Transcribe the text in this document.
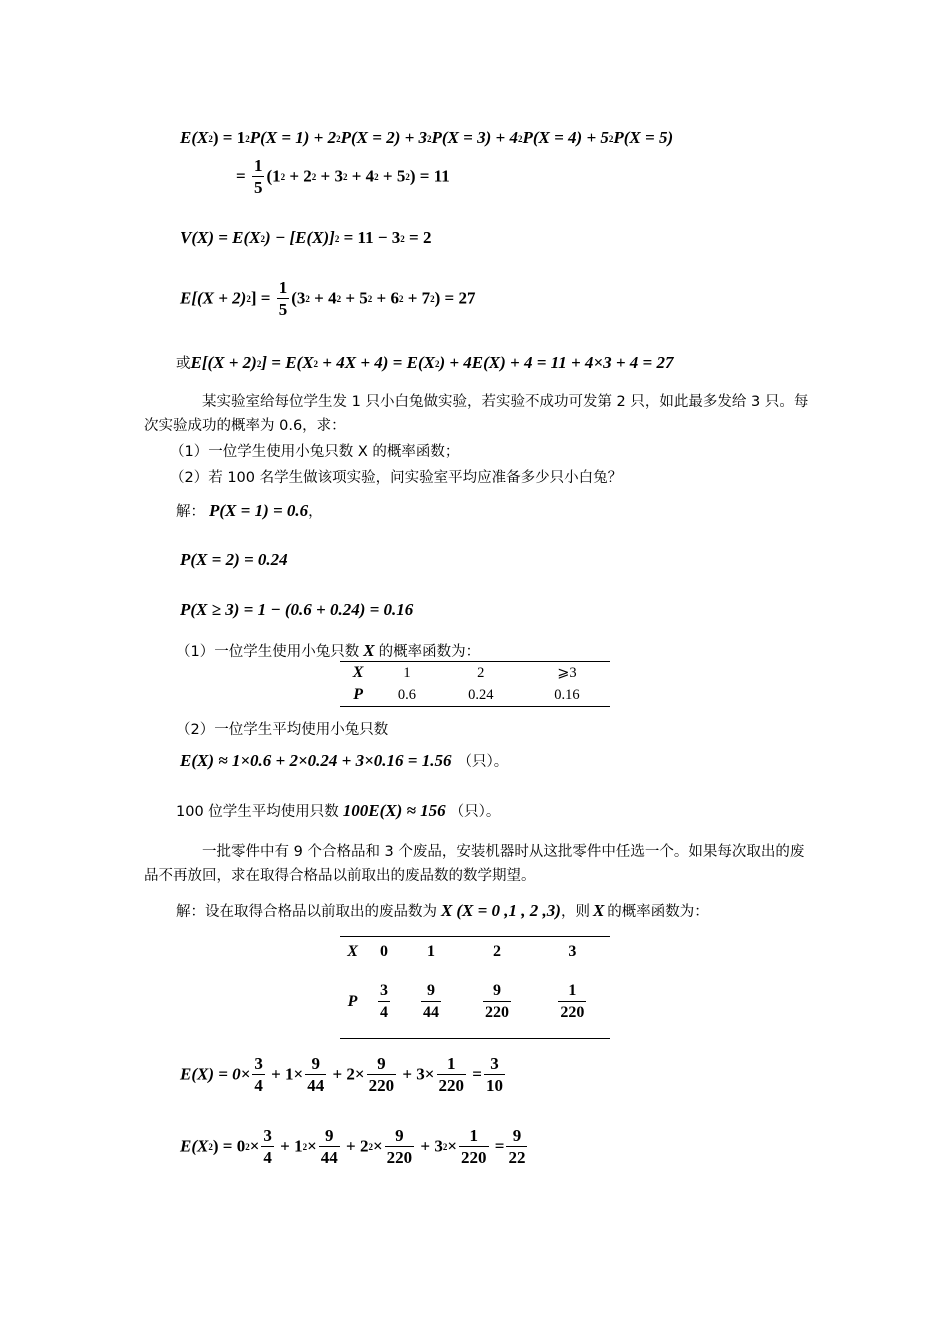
$E(X^2) = 1^2P(X = 1) + 2^2P(X = 2) + 3^2P(X = 3) + 4^2P(X = 4) + 5^2P(X = 5)$
= $\frac{1}{5} (1^2 + 2^2 + 3^2 + 4^2 + 5^2) = 11$
$V(X) = E(X^2) - [E(X)]^2 = 11 - 3^2 = 2$
$E[(X + 2)^2] = \frac{1}{5} (3^2 + 4^2 + 5^2 + 6^2 + 7^2) = 27$
或$E[(X + 2)^2] = E(X^2 + 4X + 4) = E(X^2) + 4E(X) + 4 = 11 + 4\times 3 + 4 = 27$
某实验室给每位学生发 1 只小白兔做实验，若实验不成功可发第 2 只，如此最多发给 3 只。每次实验成功的概率为 0.6，求：
（1）一位学生使用小兔只数 X 的概率函数；
（2）若 100 名学生做该项实验，问实验室平均应准备多少只小白兔？
解： P(X = 1) = 0.6，
P(X = 2) = 0.24
P(X ≥ 3) = 1 − (0.6 + 0.24) = 0.16
（1）一位学生使用小兔只数 X 的概率函数为：
X	1	2	⩾3
P	0.6	0.24	0.16
（2）一位学生平均使用小兔只数
E(X) ≈ 1×0.6 + 2×0.24 + 3×0.16 = 1.56 （只）。
100 位学生平均使用只数 100E(X) ≈ 156 （只）。
一批零件中有 9 个合格品和 3 个废品，安装机器时从这批零件中任选一个。如果每次取出的废品不再放回，求在取得合格品以前取出的废品数的数学期望。
解：设在取得合格品以前取出的废品数为 X (X = 0 ,1 , 2 ,3)，则 X 的概率函数为：
X	0	1	2	3
P	$\frac{3}{4}$	$\frac{9}{44}$	$\frac{9}{220}$	$\frac{1}{220}$
$E(X) = 0\times \frac{3}{4} + 1\times \frac{9}{44} + 2\times \frac{9}{220} + 3\times \frac{1}{220} = \frac{3}{10}$
$E(X^2) = 0^2\times \frac{3}{4} + 1^2\times \frac{9}{44} + 2^2\times \frac{9}{220} + 3^2\times \frac{1}{220} = \frac{9}{22}$
